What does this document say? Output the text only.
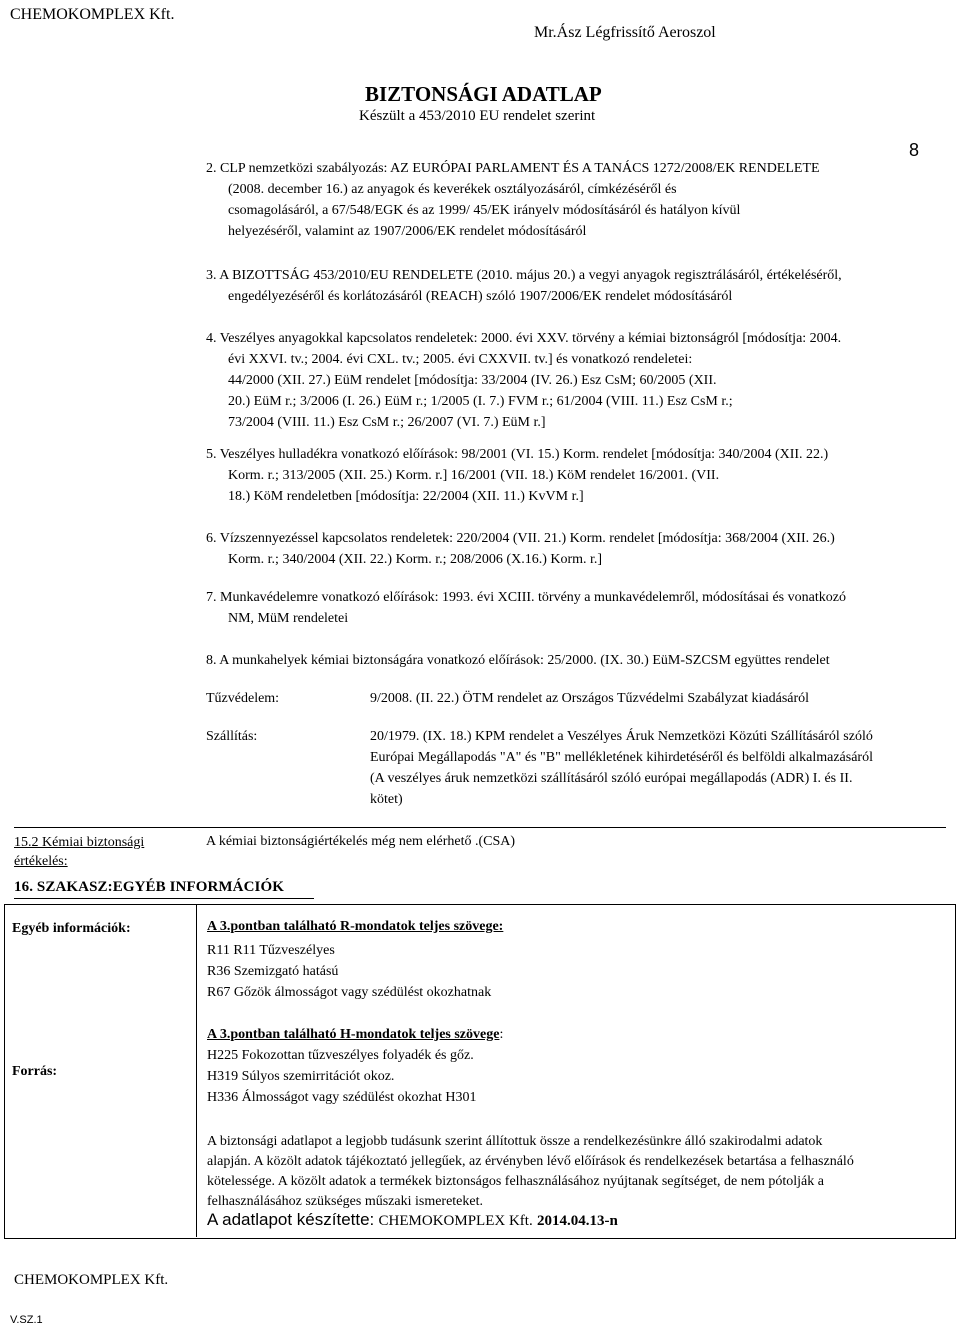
CHEMOKOMPLEX Kft.
Mr.Ász Légfrissítő Aeroszol
BIZTONSÁGI ADATLAP
Készült a 453/2010 EU rendelet szerint
8
2. CLP nemzetközi szabályozás: AZ EURÓPAI PARLAMENT ÉS A TANÁCS 1272/2008/EK RENDELETE
(2008. december 16.) az anyagok és keverékek osztályozásáról, címkézéséről és
csomagolásáról, a 67/548/EGK és az 1999/ 45/EK irányelv módosításáról és hatályon kívül
helyezéséről, valamint az 1907/2006/EK rendelet módosításáról
3. A BIZOTTSÁG 453/2010/EU RENDELETE (2010. május 20.) a vegyi anyagok regisztrálásáról, értékeléséről,
engedélyezéséről és korlátozásáról (REACH) szóló 1907/2006/EK rendelet módosításáról
4. Veszélyes anyagokkal kapcsolatos rendeletek: 2000. évi XXV. törvény a kémiai biztonságról [módosítja: 2004.
évi XXVI. tv.; 2004. évi CXL. tv.; 2005. évi CXXVII. tv.] és vonatkozó rendeletei:
44/2000 (XII. 27.) EüM rendelet [módosítja: 33/2004 (IV. 26.) Esz CsM; 60/2005 (XII.
20.) EüM r.; 3/2006 (I. 26.) EüM r.; 1/2005 (I. 7.) FVM r.; 61/2004 (VIII. 11.) Esz CsM r.;
73/2004 (VIII. 11.) Esz CsM r.; 26/2007 (VI. 7.) EüM r.]
5. Veszélyes hulladékra vonatkozó előírások: 98/2001 (VI. 15.) Korm. rendelet [módosítja: 340/2004 (XII. 22.)
Korm. r.; 313/2005 (XII. 25.) Korm. r.] 16/2001 (VII. 18.) KöM rendelet 16/2001. (VII.
18.) KöM rendeletben [módosítja: 22/2004 (XII. 11.) KvVM r.]
6. Vízszennyezéssel kapcsolatos rendeletek: 220/2004 (VII. 21.) Korm. rendelet [módosítja: 368/2004 (XII. 26.)
Korm. r.; 340/2004 (XII. 22.) Korm. r.; 208/2006 (X.16.) Korm. r.]
7. Munkavédelemre vonatkozó előírások: 1993. évi XCIII. törvény a munkavédelemről, módosításai és vonatkozó
NM, MüM rendeletei
8. A munkahelyek kémiai biztonságára vonatkozó előírások: 25/2000. (IX. 30.) EüM-SZCSM együttes rendelet
Tűzvédelem:	9/2008. (II. 22.) ÖTM rendelet az Országos Tűzvédelmi Szabályzat kiadásáról
Szállítás:	20/1979. (IX. 18.) KPM rendelet a Veszélyes Áruk Nemzetközi Közúti Szállításáról szóló
Európai Megállapodás "A" és "B" mellékletének kihirdetéséről és belföldi alkalmazásáról
(A veszélyes áruk nemzetközi szállításáról szóló európai megállapodás (ADR) I. és II.
kötet)
15.2 Kémiai biztonsági
értékelés:
A kémiai biztonságiértékelés még nem elérhető .(CSA)
16. SZAKASZ:EGYÉB INFORMÁCIÓK
Egyéb információk:
Forrás:
A 3.pontban található R-mondatok teljes szövege:
R11 R11 Tűzveszélyes
R36 Szemizgató hatású
R67 Gőzök álmosságot vagy szédülést okozhatnak
A 3.pontban található H-mondatok teljes szövege:
H225 Fokozottan tűzveszélyes folyadék és gőz.
H319 Súlyos szemirritációt okoz.
H336 Álmosságot vagy szédülést okozhat H301
A biztonsági adatlapot a legjobb tudásunk szerint állítottuk össze a rendelkezésünkre álló szakirodalmi adatok
alapján. A közölt adatok tájékoztató jellegűek, az érvényben lévő előírások és rendelkezések betartása a felhasználó
kötelessége. A közölt adatok a termékek biztonságos felhasználásához nyújtanak segítséget, de nem pótolják a
felhasználásához szükséges műszaki ismereteket.
A adatlapot készítette: CHEMOKOMPLEX Kft. 2014.04.13-n
CHEMOKOMPLEX Kft.
V.SZ.1
